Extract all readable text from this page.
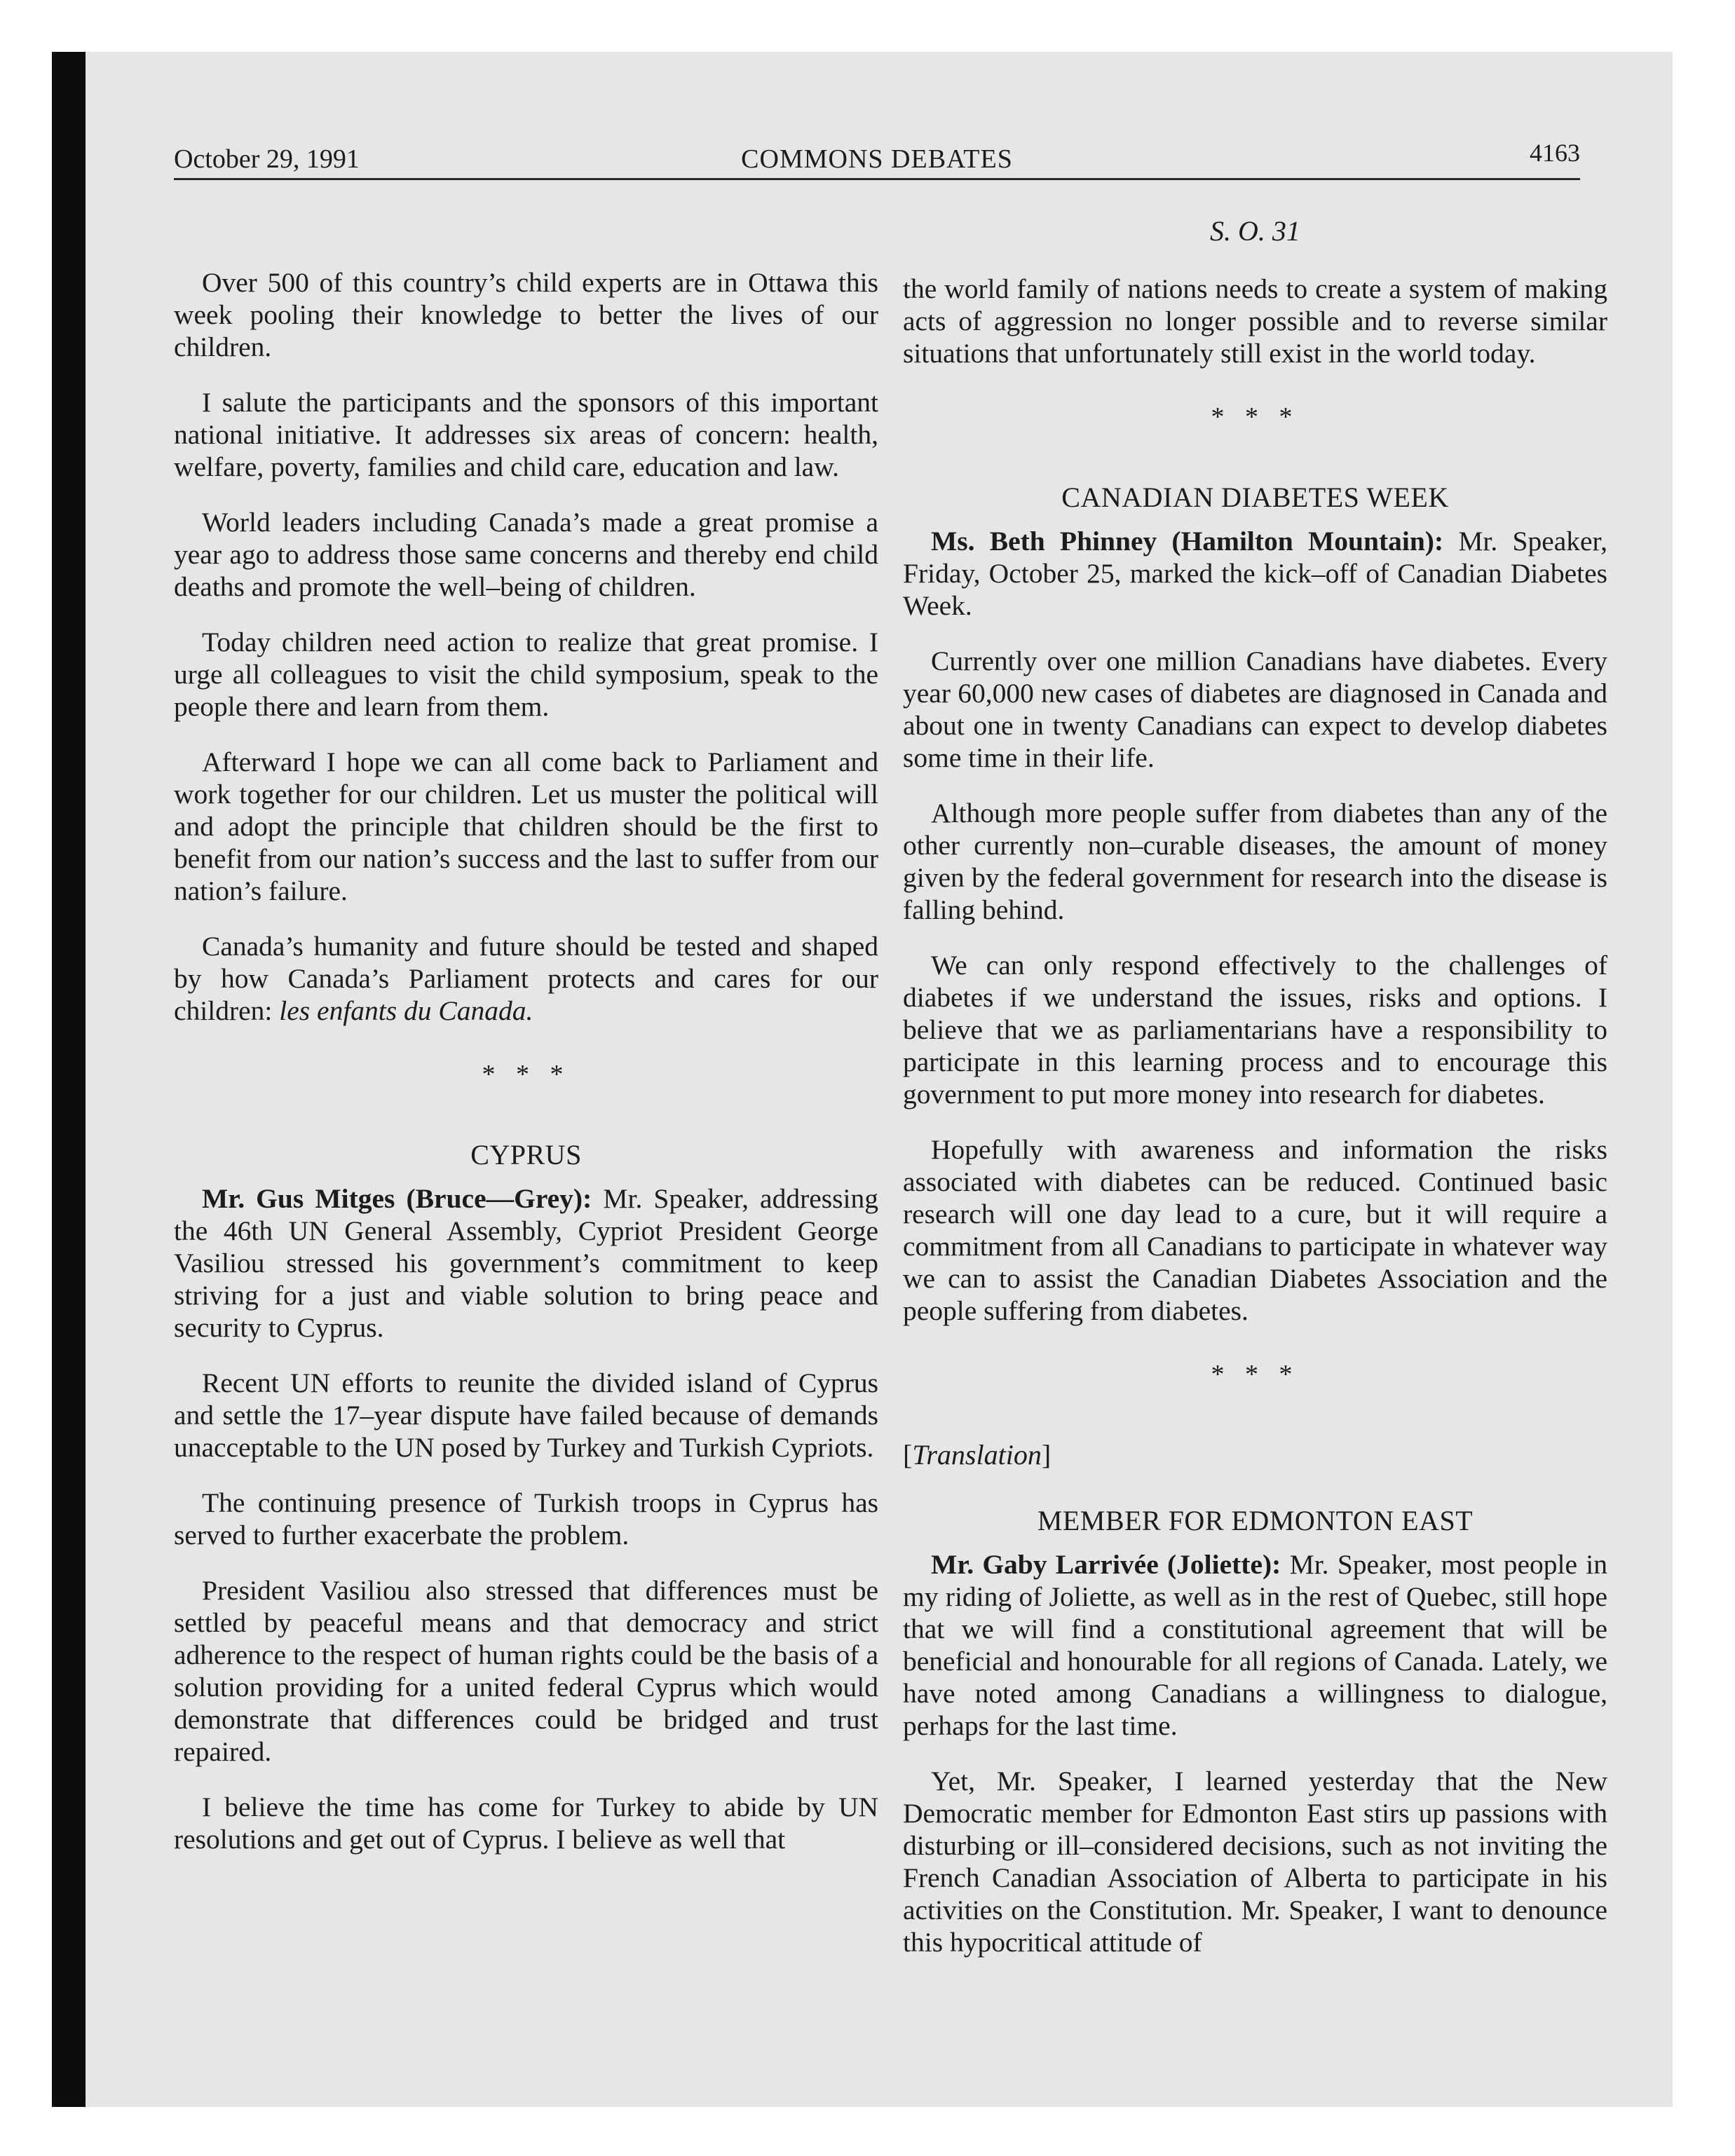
COMMONS DEBATES
October 29, 1991	4163

Over 500 of this country’s child experts are in Ottawa this week pooling their knowledge to better the lives of our children.

I salute the participants and the sponsors of this important national initiative. It addresses six areas of concern: health, welfare, poverty, families and child care, education and law.

World leaders including Canada’s made a great promise a year ago to address those same concerns and thereby end child deaths and promote the well–being of children.

Today children need action to realize that great promise. I urge all colleagues to visit the child symposium, speak to the people there and learn from them.

Afterward I hope we can all come back to Parliament and work together for our children. Let us muster the political will and adopt the principle that children should be the first to benefit from our nation’s success and the last to suffer from our nation’s failure.

Canada’s humanity and future should be tested and shaped by how Canada’s Parliament protects and cares for our children: les enfants du Canada.

* * *
CYPRUS

Mr. Gus Mitges (Bruce—Grey): Mr. Speaker, addressing the 46th UN General Assembly, Cypriot President George Vasiliou stressed his government’s commitment to keep striving for a just and viable solution to bring peace and security to Cyprus.

Recent UN efforts to reunite the divided island of Cyprus and settle the 17–year dispute have failed because of demands unacceptable to the UN posed by Turkey and Turkish Cypriots.

The continuing presence of Turkish troops in Cyprus has served to further exacerbate the problem.

President Vasiliou also stressed that differences must be settled by peaceful means and that democracy and strict adherence to the respect of human rights could be the basis of a solution providing for a united federal Cyprus which would demonstrate that differences could be bridged and trust repaired.

I believe the time has come for Turkey to abide by UN resolutions and get out of Cyprus. I believe as well that

S. O. 31

the world family of nations needs to create a system of making acts of aggression no longer possible and to reverse similar situations that unfortunately still exist in the world today.

* * *
CANADIAN DIABETES WEEK

Ms. Beth Phinney (Hamilton Mountain): Mr. Speaker, Friday, October 25, marked the kick–off of Canadian Diabetes Week.

Currently over one million Canadians have diabetes. Every year 60,000 new cases of diabetes are diagnosed in Canada and about one in twenty Canadians can expect to develop diabetes some time in their life.

Although more people suffer from diabetes than any of the other currently non–curable diseases, the amount of money given by the federal government for research into the disease is falling behind.

We can only respond effectively to the challenges of diabetes if we understand the issues, risks and options. I believe that we as parliamentarians have a responsibility to participate in this learning process and to encourage this government to put more money into research for diabetes.

Hopefully with awareness and information the risks associated with diabetes can be reduced. Continued basic research will one day lead to a cure, but it will require a commitment from all Canadians to participate in whatever way we can to assist the Canadian Diabetes Association and the people suffering from diabetes.

* * *
[Translation]
MEMBER FOR EDMONTON EAST

Mr. Gaby Larrivée (Joliette): Mr. Speaker, most people in my riding of Joliette, as well as in the rest of Quebec, still hope that we will find a constitutional agreement that will be beneficial and honourable for all regions of Canada. Lately, we have noted among Canadians a willingness to dialogue, perhaps for the last time.

Yet, Mr. Speaker, I learned yesterday that the New Democratic member for Edmonton East stirs up passions with disturbing or ill–considered decisions, such as not inviting the French Canadian Association of Alberta to participate in his activities on the Constitution. Mr. Speaker, I want to denounce this hypocritical attitude of
